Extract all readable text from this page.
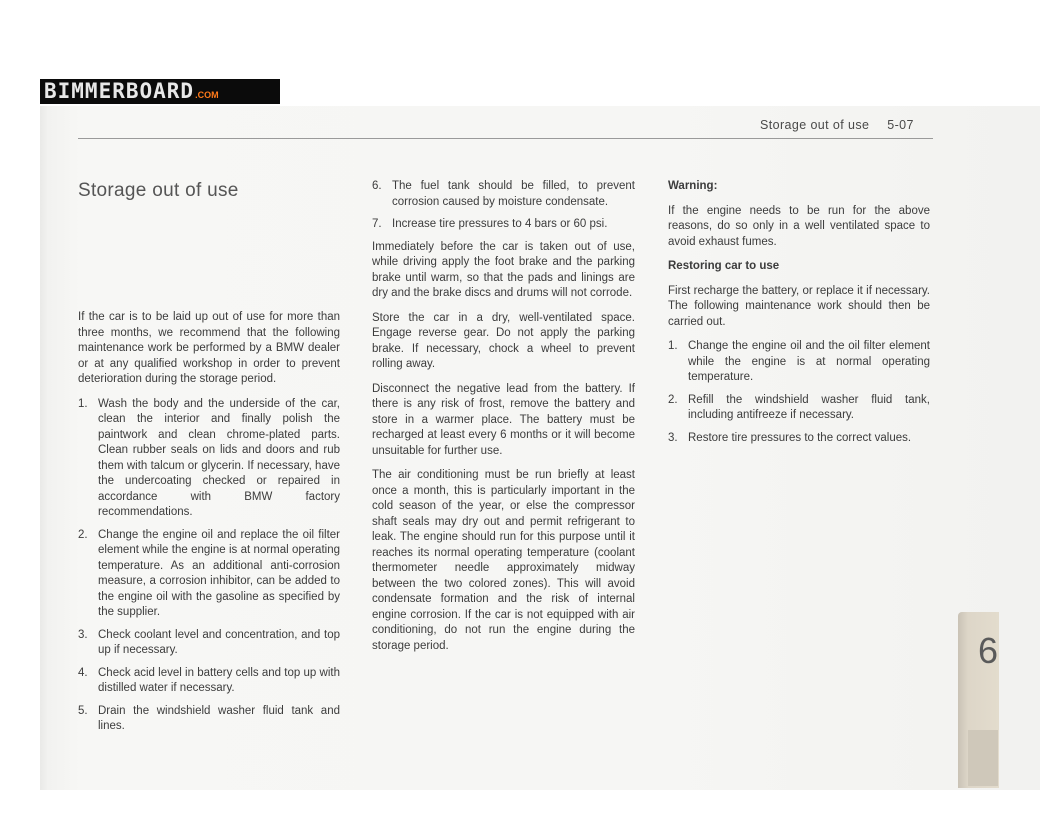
BIMMERBOARD .COM
Storage out of use 5-07
Storage out of use

If the car is to be laid up out of use for more than three months, we recommend that the following maintenance work be performed by a BMW dealer or at any qualified workshop in order to prevent deterioration during the storage period.

1. Wash the body and the underside of the car, clean the interior and finally polish the paintwork and clean chrome-plated parts. Clean rubber seals on lids and doors and rub them with talcum or glycerin. If necessary, have the undercoating checked or repaired in accordance with BMW factory recommendations.
2. Change the engine oil and replace the oil filter element while the engine is at normal operating temperature. As an additional anti-corrosion measure, a corrosion inhibitor, can be added to the engine oil with the gasoline as specified by the supplier.
3. Check coolant level and concentration, and top up if necessary.
4. Check acid level in battery cells and top up with distilled water if necessary.
5. Drain the windshield washer fluid tank and lines.
6. The fuel tank should be filled, to prevent corrosion caused by moisture condensate.
7. Increase tire pressures to 4 bars or 60 psi.

Immediately before the car is taken out of use, while driving apply the foot brake and the parking brake until warm, so that the pads and linings are dry and the brake discs and drums will not corrode.

Store the car in a dry, well-ventilated space. Engage reverse gear. Do not apply the parking brake. If necessary, chock a wheel to prevent rolling away.

Disconnect the negative lead from the battery. If there is any risk of frost, remove the battery and store in a warmer place. The battery must be recharged at least every 6 months or it will become unsuitable for further use.

The air conditioning must be run briefly at least once a month, this is particularly important in the cold season of the year, or else the compressor shaft seals may dry out and permit refrigerant to leak. The engine should run for this purpose until it reaches its normal operating temperature (coolant thermometer needle approximately midway between the two colored zones). This will avoid condensate formation and the risk of internal engine corrosion. If the car is not equipped with air conditioning, do not run the engine during the storage period.

Warning:

If the engine needs to be run for the above reasons, do so only in a well ventilated space to avoid exhaust fumes.

Restoring car to use

First recharge the battery, or replace it if necessary. The following maintenance work should then be carried out.

1. Change the engine oil and the oil filter element while the engine is at normal operating temperature.
2. Refill the windshield washer fluid tank, including antifreeze if necessary.
3. Restore tire pressures to the correct values.
6
